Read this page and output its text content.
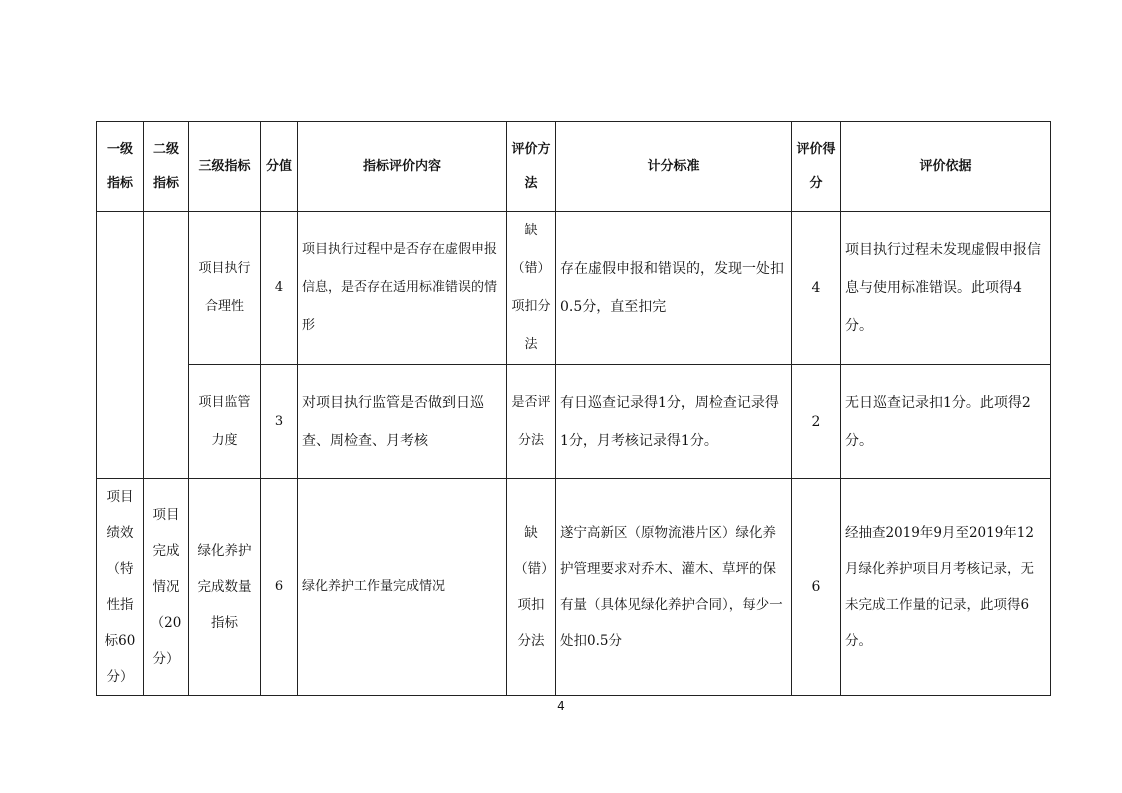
一级指标	二级指标	三级指标	分值	指标评价内容	评价方法	计分标准	评价得分	评价依据
		项目执行合理性	4	项目执行过程中是否存在虚假申报信息，是否存在适用标准错误的情形	缺（错）项扣分法	存在虚假申报和错误的，发现一处扣0.5分，直至扣完	4	项目执行过程未发现虚假申报信息与使用标准错误。此项得4分。
		项目监管力度	3	对项目执行监管是否做到日巡查、周检查、月考核	是否评分法	有日巡查记录得1分，周检查记录得1分，月考核记录得1分。	2	无日巡查记录扣1分。此项得2分。
项目绩效（特性指标60分）	项目完成情况（20分）	绿化养护完成数量指标	6	绿化养护工作量完成情况	缺（错）项扣分法	遂宁高新区（原物流港片区）绿化养护管理要求对乔木、灌木、草坪的保有量（具体见绿化养护合同），每少一处扣0.5分	6	经抽查2019年9月至2019年12月绿化养护项目月考核记录，无未完成工作量的记录，此项得6分。
4
